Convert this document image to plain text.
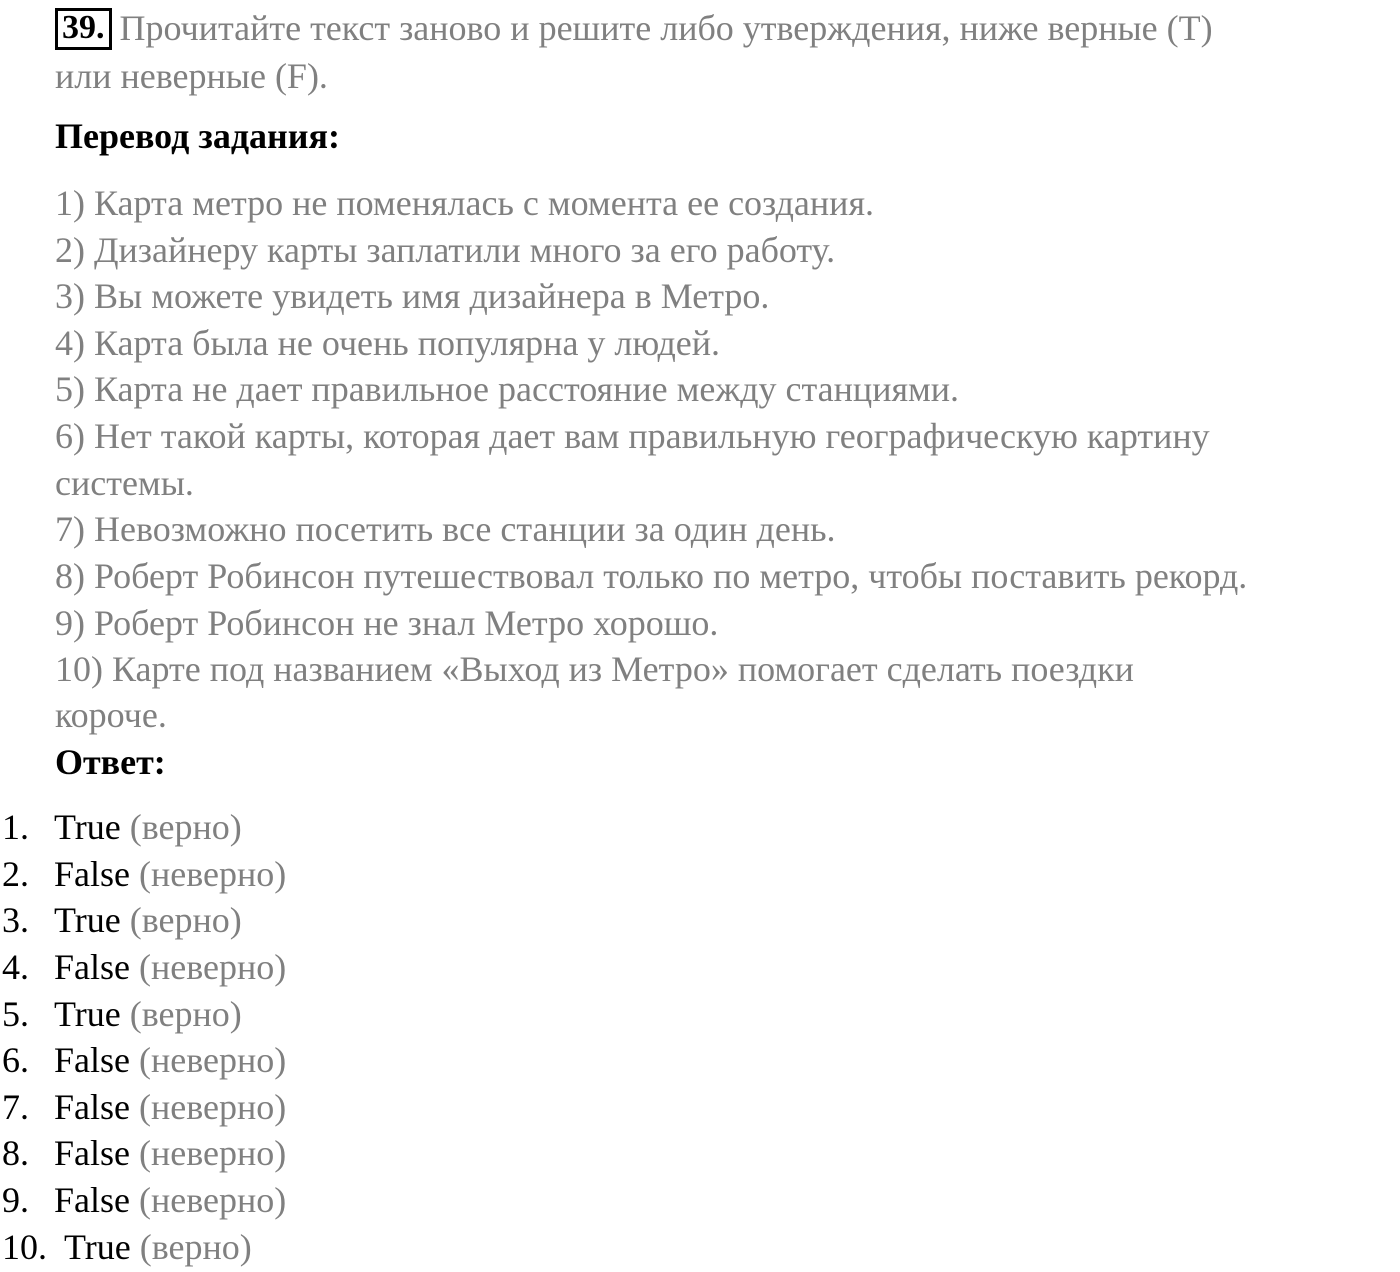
39. Прочитайте текст заново и решите либо утверждения, ниже верные (T)
или неверные (F).
Перевод задания:
1) Карта метро не поменялась с момента ее создания.
2) Дизайнеру карты заплатили много за его работу.
3) Вы можете увидеть имя дизайнера в Метро.
4) Карта была не очень популярна у людей.
5) Карта не дает правильное расстояние между станциями.
6) Нет такой карты, которая дает вам правильную географическую картину
системы.
7) Невозможно посетить все станции за один день.
8) Роберт Робинсон путешествовал только по метро, чтобы поставить рекорд.
9) Роберт Робинсон не знал Метро хорошо.
10) Карте под названием «Выход из Метро» помогает сделать поездки
короче.
Ответ:
1. True (верно)
2. False (неверно)
3. True (верно)
4. False (неверно)
5. True (верно)
6. False (неверно)
7. False (неверно)
8. False (неверно)
9. False (неверно)
10. True (верно)
